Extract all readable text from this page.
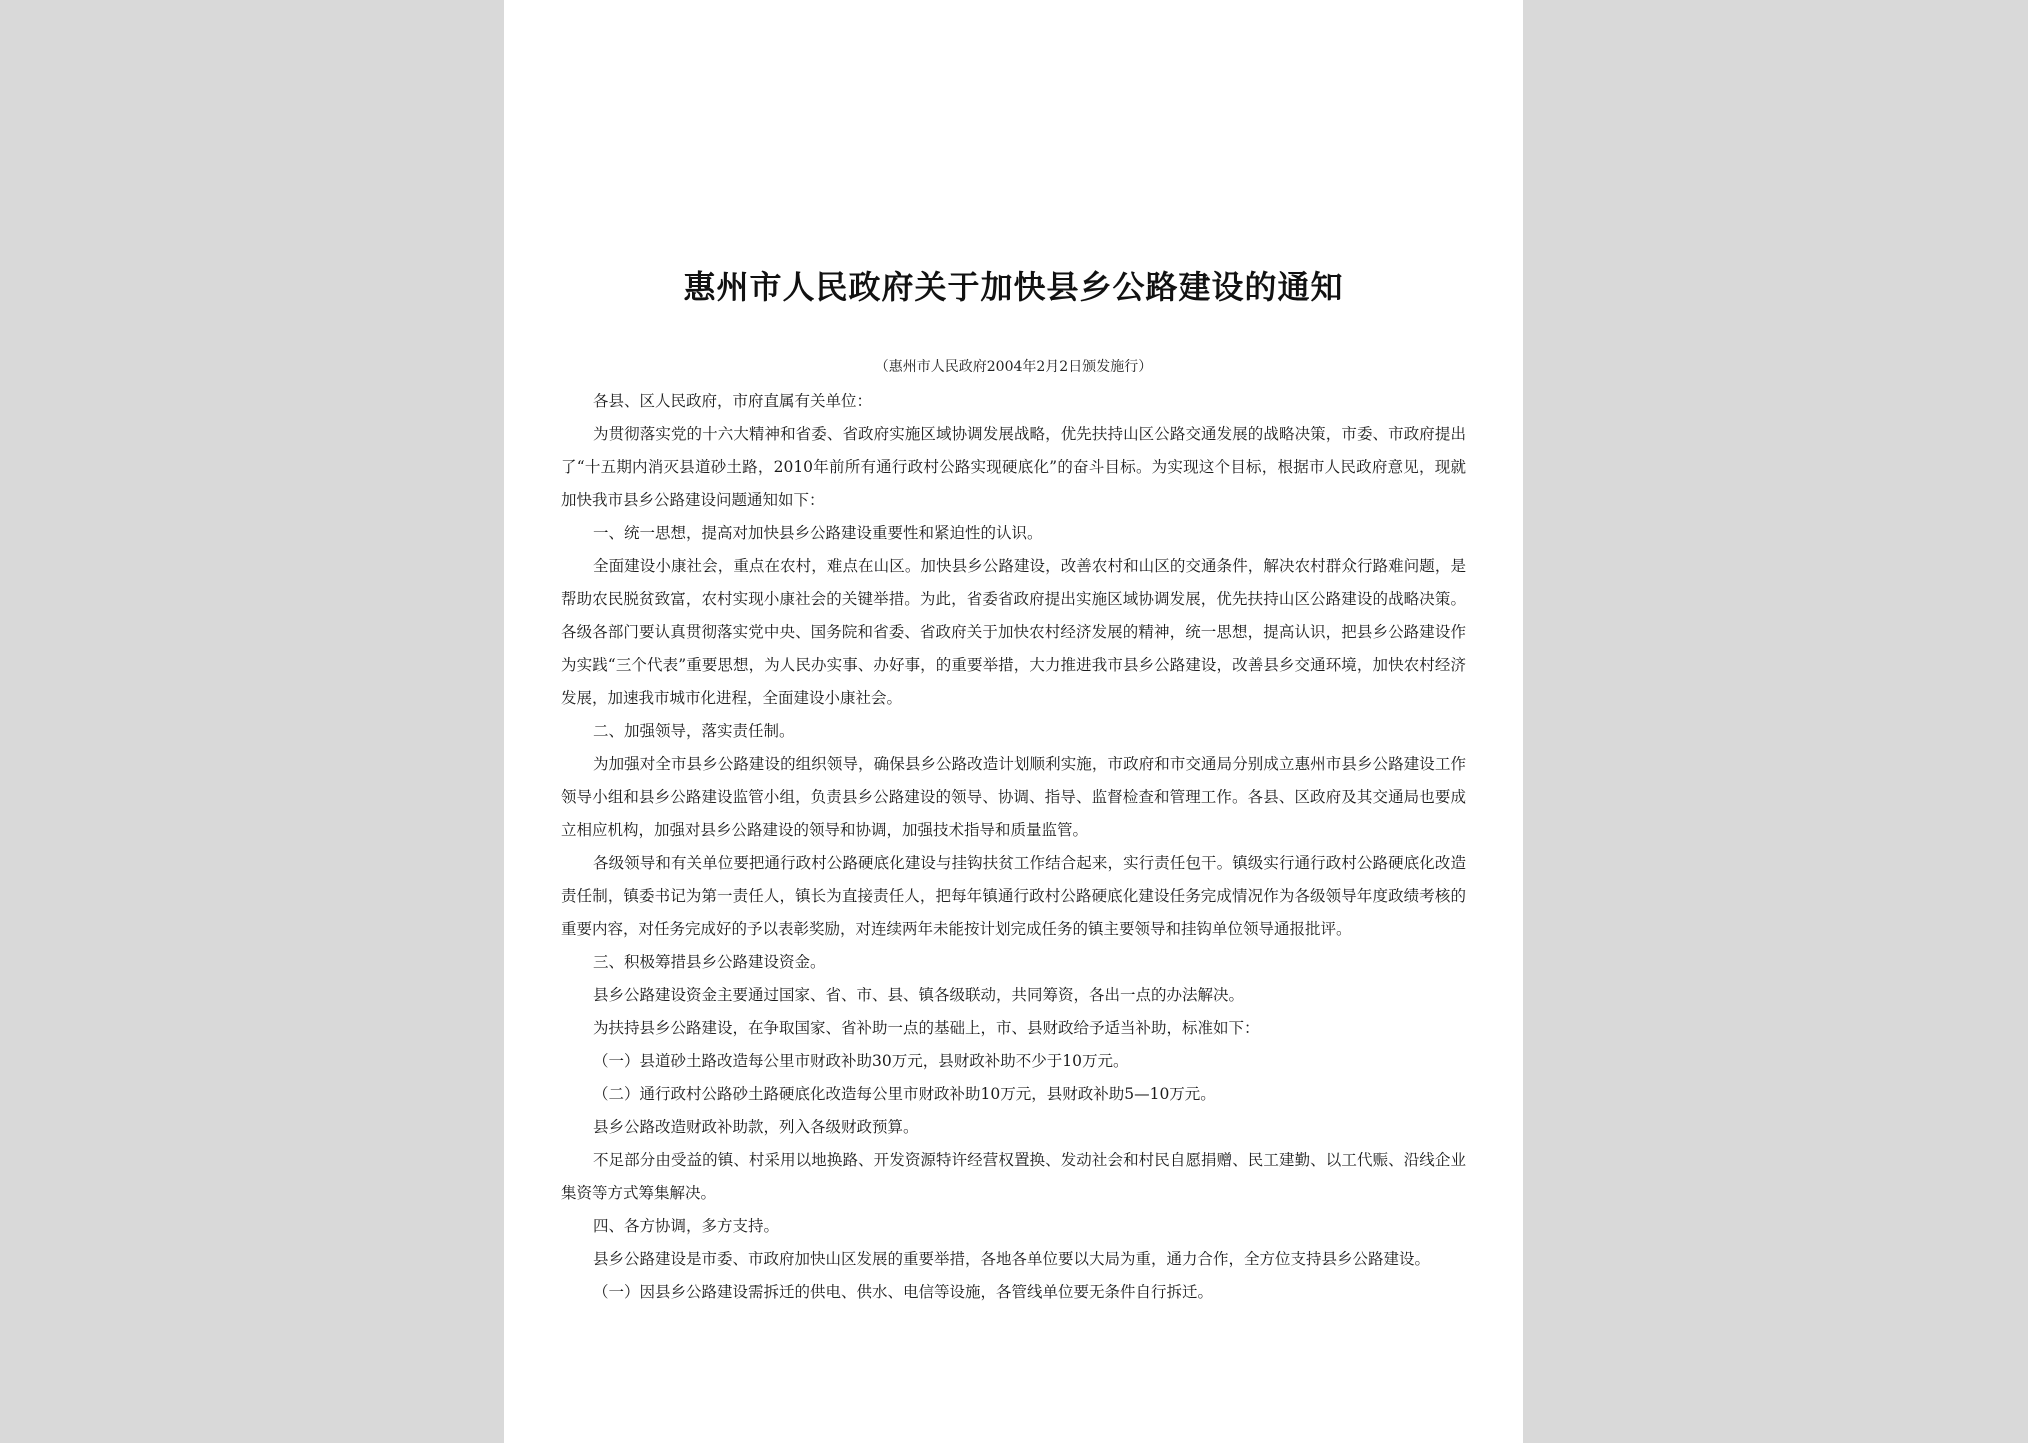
惠州市人民政府关于加快县乡公路建设的通知
（惠州市人民政府2004年2月2日颁发施行）

各县、区人民政府，市府直属有关单位：

为贯彻落实党的十六大精神和省委、省政府实施区域协调发展战略，优先扶持山区公路交通发展的战略决策，市委、市政府提出了“十五期内消灭县道砂土路，2010年前所有通行政村公路实现硬底化”的奋斗目标。为实现这个目标，根据市人民政府意见，现就加快我市县乡公路建设问题通知如下：

一、统一思想，提高对加快县乡公路建设重要性和紧迫性的认识。

全面建设小康社会，重点在农村，难点在山区。加快县乡公路建设，改善农村和山区的交通条件，解决农村群众行路难问题，是帮助农民脱贫致富，农村实现小康社会的关键举措。为此，省委省政府提出实施区域协调发展，优先扶持山区公路建设的战略决策。各级各部门要认真贯彻落实党中央、国务院和省委、省政府关于加快农村经济发展的精神，统一思想，提高认识，把县乡公路建设作为实践“三个代表”重要思想，为人民办实事、办好事，的重要举措，大力推进我市县乡公路建设，改善县乡交通环境，加快农村经济发展，加速我市城市化进程，全面建设小康社会。

二、加强领导，落实责任制。

为加强对全市县乡公路建设的组织领导，确保县乡公路改造计划顺利实施，市政府和市交通局分别成立惠州市县乡公路建设工作领导小组和县乡公路建设监管小组，负责县乡公路建设的领导、协调、指导、监督检查和管理工作。各县、区政府及其交通局也要成立相应机构，加强对县乡公路建设的领导和协调，加强技术指导和质量监管。

各级领导和有关单位要把通行政村公路硬底化建设与挂钩扶贫工作结合起来，实行责任包干。镇级实行通行政村公路硬底化改造责任制，镇委书记为第一责任人，镇长为直接责任人，把每年镇通行政村公路硬底化建设任务完成情况作为各级领导年度政绩考核的重要内容，对任务完成好的予以表彰奖励，对连续两年未能按计划完成任务的镇主要领导和挂钩单位领导通报批评。

三、积极筹措县乡公路建设资金。

县乡公路建设资金主要通过国家、省、市、县、镇各级联动，共同筹资，各出一点的办法解决。

为扶持县乡公路建设，在争取国家、省补助一点的基础上，市、县财政给予适当补助，标准如下：

（一）县道砂土路改造每公里市财政补助30万元，县财政补助不少于10万元。

（二）通行政村公路砂土路硬底化改造每公里市财政补助10万元，县财政补助5—10万元。

县乡公路改造财政补助款，列入各级财政预算。

不足部分由受益的镇、村采用以地换路、开发资源特许经营权置换、发动社会和村民自愿捐赠、民工建勤、以工代赈、沿线企业集资等方式筹集解决。

四、各方协调，多方支持。

县乡公路建设是市委、市政府加快山区发展的重要举措，各地各单位要以大局为重，通力合作，全方位支持县乡公路建设。

（一）因县乡公路建设需拆迁的供电、供水、电信等设施，各管线单位要无条件自行拆迁。
